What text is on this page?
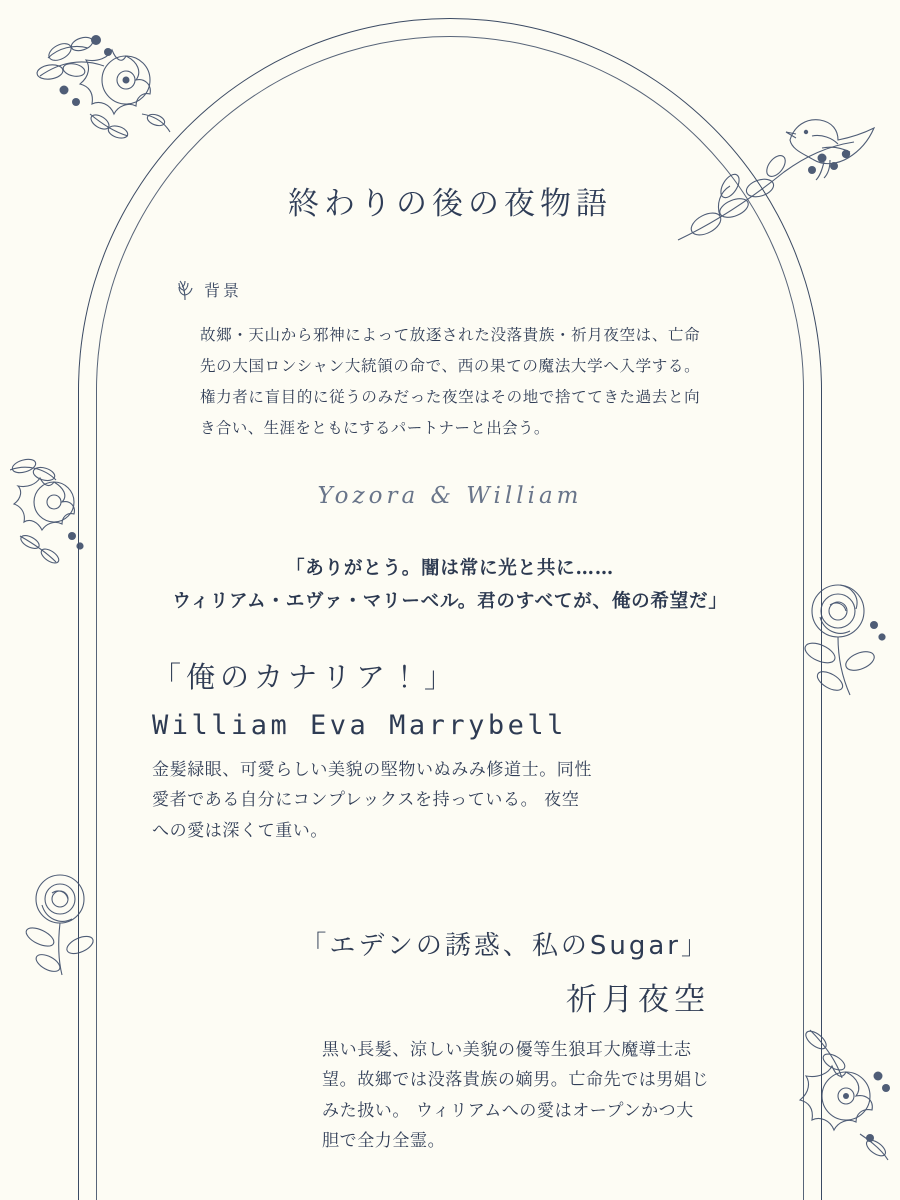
終わりの後の夜物語
背景
故郷・天山から邪神によって放逐された没落貴族・祈月夜空は、亡命先の大国ロンシャン大統領の命で、西の果ての魔法大学へ入学する。権力者に盲目的に従うのみだった夜空はその地で捨ててきた過去と向き合い、生涯をともにするパートナーと出会う。
Yozora & William
「ありがとう。闇は常に光と共に……
ウィリアム・エヴァ・マリーベル。君のすべてが、俺の希望だ」
「俺のカナリア！」
William Eva Marrybell
金髪緑眼、可愛らしい美貌の堅物いぬみみ修道士。同性愛者である自分にコンプレックスを持っている。 夜空への愛は深くて重い。
「エデンの誘惑、私のSugar」
祈月夜空
黒い長髪、涼しい美貌の優等生狼耳大魔導士志望。故郷では没落貴族の嫡男。亡命先では男娼じみた扱い。 ウィリアムへの愛はオープンかつ大胆で全力全霊。
